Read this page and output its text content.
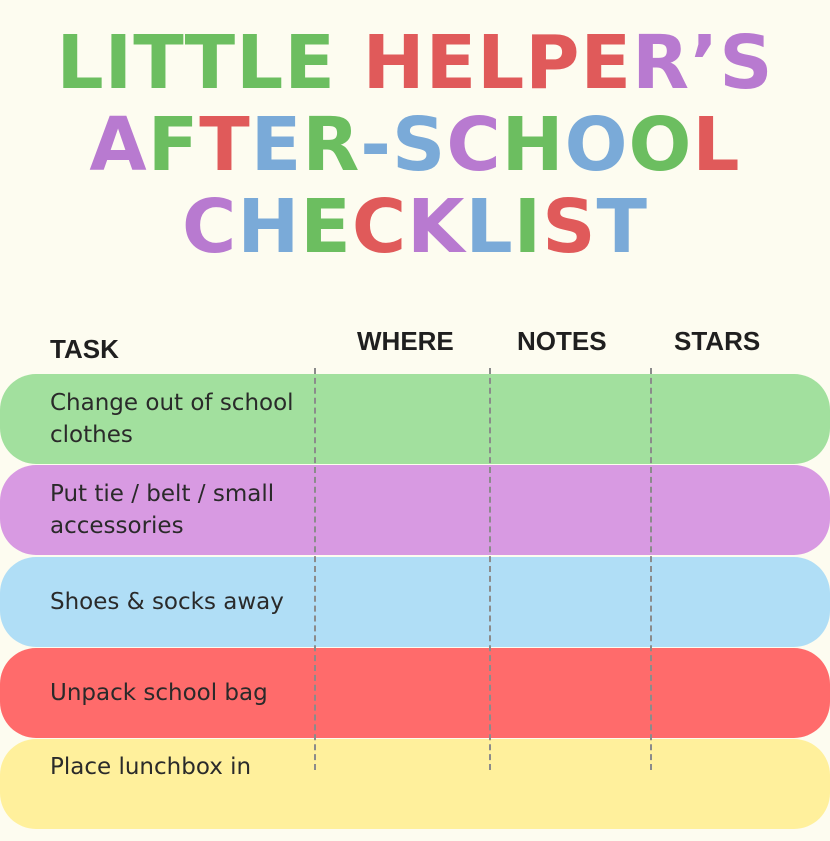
LITTLE HELPER’S
AFTER-SCHOOL
CHECKLIST
TASK	WHERE NOTES	STARS
Change out of school clothes
Put tie / belt / small accessories
Shoes & socks away
Unpack school bag
Place lunchbox in
